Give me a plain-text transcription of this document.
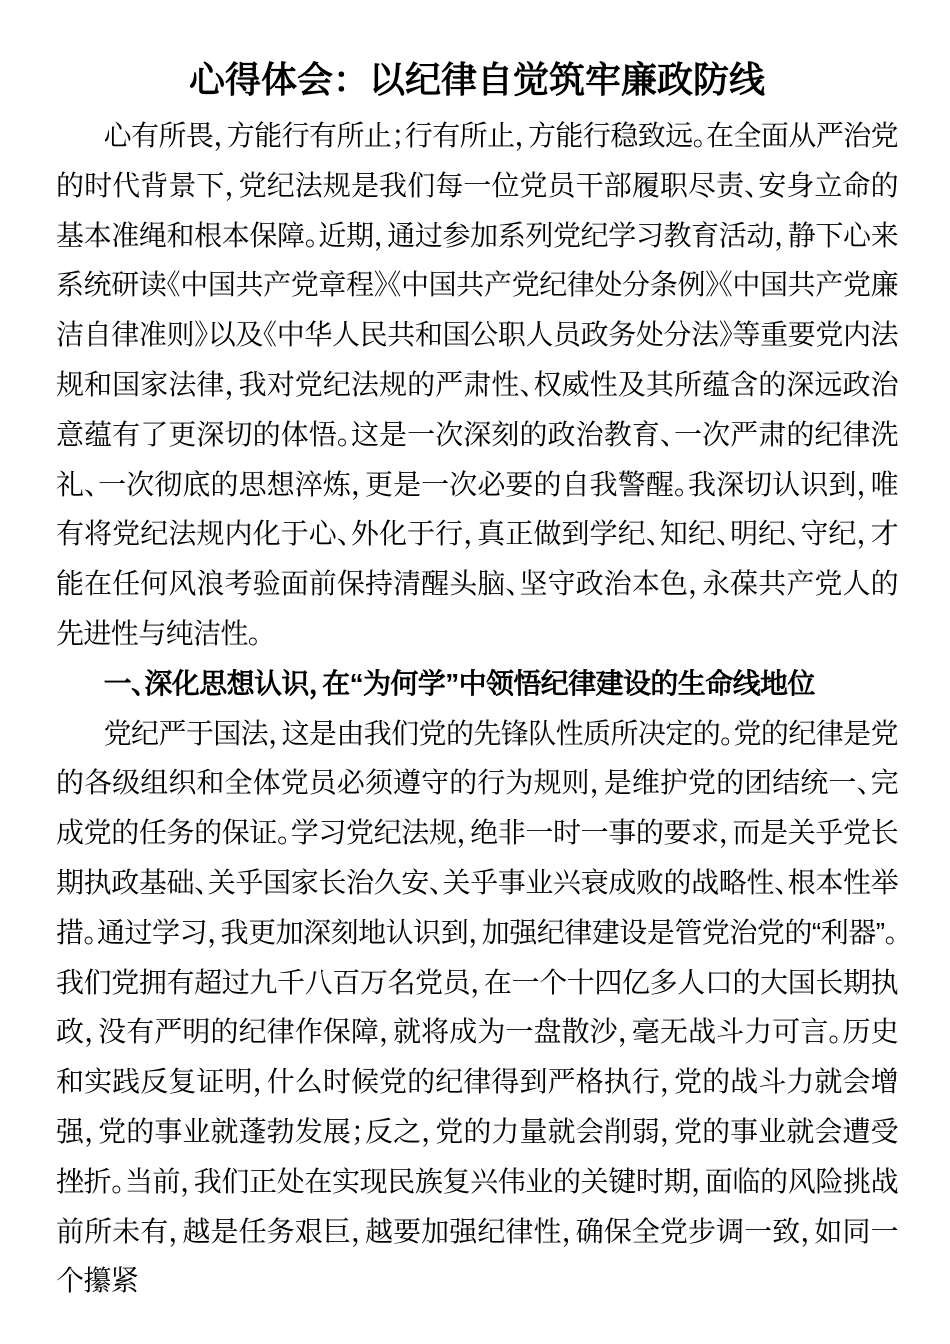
心得体会：以纪律自觉筑牢廉政防线

心有所畏，方能行有所止；行有所止，方能行稳致远。在全面从严治党的时代背景下，党纪法规是我们每一位党员干部履职尽责、安身立命的基本准绳和根本保障。近期，通过参加系列党纪学习教育活动，静下心来系统研读《中国共产党章程》《中国共产党纪律处分条例》《中国共产党廉洁自律准则》以及《中华人民共和国公职人员政务处分法》等重要党内法规和国家法律，我对党纪法规的严肃性、权威性及其所蕴含的深远政治意蕴有了更深切的体悟。这是一次深刻的政治教育、一次严肃的纪律洗礼、一次彻底的思想淬炼，更是一次必要的自我警醒。我深切认识到，唯有将党纪法规内化于心、外化于行，真正做到学纪、知纪、明纪、守纪，才能在任何风浪考验面前保持清醒头脑、坚守政治本色，永葆共产党人的先进性与纯洁性。

一、深化思想认识，在“为何学”中领悟纪律建设的生命线地位

党纪严于国法，这是由我们党的先锋队性质所决定的。党的纪律是党的各级组织和全体党员必须遵守的行为规则，是维护党的团结统一、完成党的任务的保证。学习党纪法规，绝非一时一事的要求，而是关乎党长期执政基础、关乎国家长治久安、关乎事业兴衰成败的战略性、根本性举措。通过学习，我更加深刻地认识到，加强纪律建设是管党治党的“利器”。我们党拥有超过九千八百万名党员，在一个十四亿多人口的大国长期执政，没有严明的纪律作保障，就将成为一盘散沙，毫无战斗力可言。历史和实践反复证明，什么时候党的纪律得到严格执行，党的战斗力就会增强，党的事业就蓬勃发展；反之，党的力量就会削弱，党的事业就会遭受挫折。当前，我们正处在实现民族复兴伟业的关键时期，面临的风险挑战前所未有，越是任务艰巨，越要加强纪律性，确保全党步调一致，如同一个攥紧
